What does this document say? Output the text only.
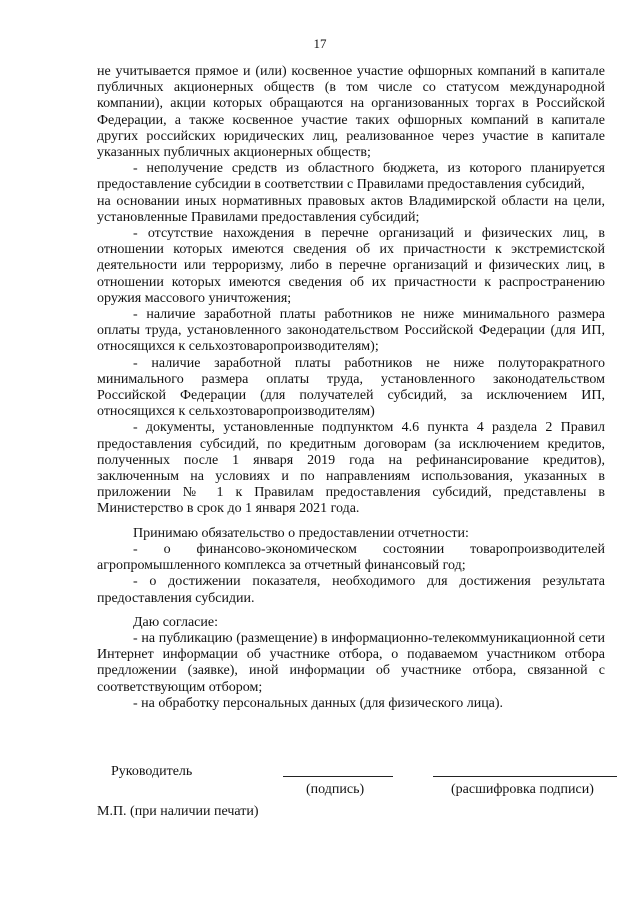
17

не учитывается прямое и (или) косвенное участие офшорных компаний в капитале публичных акционерных обществ (в том числе со статусом международной компании), акции которых обращаются на организованных торгах в Российской Федерации, а также косвенное участие таких офшорных компаний в капитале других российских юридических лиц, реализованное через участие в капитале указанных публичных акционерных обществ;

- неполучение средств из областного бюджета, из которого планируется предоставление субсидии в соответствии с Правилами предоставления субсидий,

на основании иных нормативных правовых актов Владимирской области на цели, установленные Правилами предоставления субсидий;

- отсутствие нахождения в перечне организаций и физических лиц, в отношении которых имеются сведения об их причастности к экстремистской деятельности или терроризму, либо в перечне организаций и физических лиц, в отношении которых имеются сведения об их причастности к распространению оружия массового уничтожения;

- наличие заработной платы работников не ниже минимального размера оплаты труда, установленного законодательством Российской Федерации (для ИП, относящихся к сельхозтоваропроизводителям);

- наличие заработной платы работников не ниже полуторакратного минимального размера оплаты труда, установленного законодательством Российской Федерации (для получателей субсидий, за исключением ИП, относящихся к сельхозтоваропроизводителям)

- документы, установленные подпунктом 4.6 пункта 4 раздела 2 Правил предоставления субсидий, по кредитным договорам (за исключением кредитов, полученных после 1 января 2019 года на рефинансирование кредитов), заключенным на условиях и по направлениям использования, указанных в приложении № 1 к Правилам предоставления субсидий, представлены в Министерство в срок до 1 января 2021 года.

Принимаю обязательство о предоставлении отчетности:

- о финансово-экономическом состоянии товаропроизводителей агропромышленного комплекса за отчетный финансовый год;

- о достижении показателя, необходимого для достижения результата предоставления субсидии.

Даю согласие:

- на публикацию (размещение) в информационно-телекоммуникационной сети Интернет информации об участнике отбора, о подаваемом участником отбора предложении (заявке), иной информации об участнике отбора, связанной с соответствующим отбором;

- на обработку персональных данных (для физического лица).

Руководитель
(подпись)	(расшифровка подписи)
М.П. (при наличии печати)
